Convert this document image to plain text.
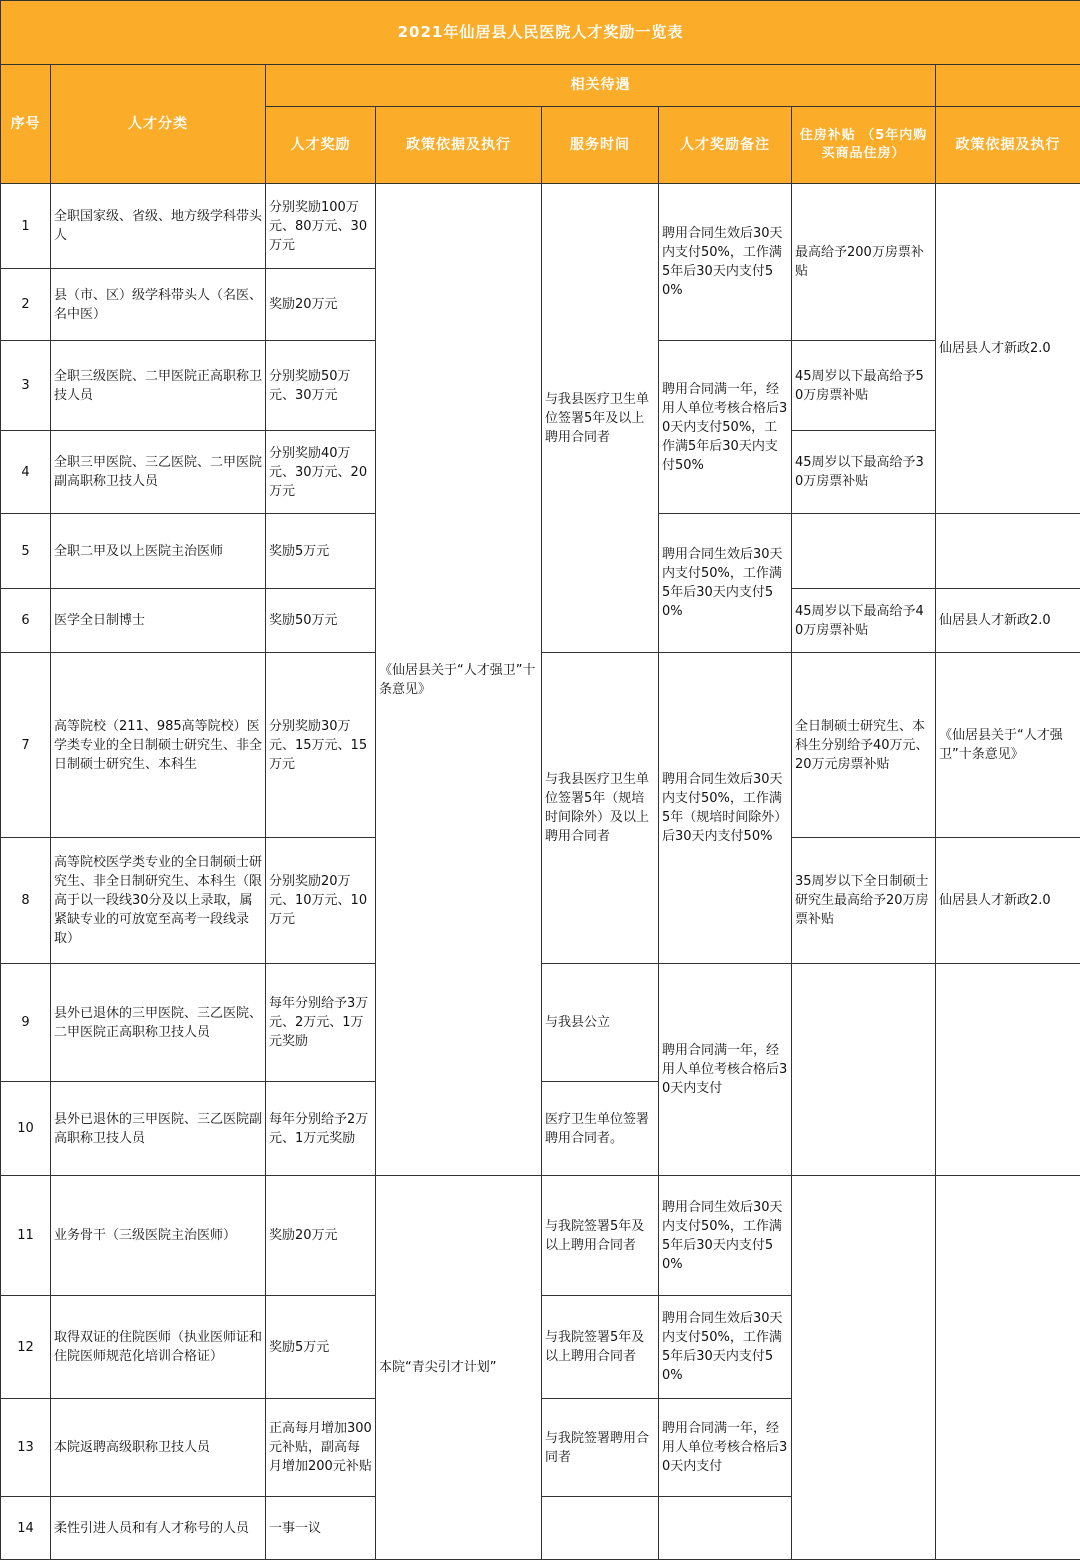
2021年仙居县人民医院人才奖励一览表							
序号	人才分类	相关待遇					
		人才奖励	政策依据及执行	服务时间	人才奖励备注	住房补贴 （5年内购买商品住房）	政策依据及执行
1	全职国家级、省级、地方级学科带头人	分别奖励100万元、80万元、30万元	《仙居县关于“人才强卫”十条意见》	与我县医疗卫生单位签署5年及以上聘用合同者	聘用合同生效后30天内支付50%，工作满5年后30天内支付50%	最高给予200万房票补贴	仙居县人才新政2.0
2	县（市、区）级学科带头人（名医、名中医）	奖励20万元					
3	全职三级医院、二甲医院正高职称卫技人员	分别奖励50万元、30万元			聘用合同满一年，经用人单位考核合格后30天内支付50%，工作满5年后30天内支付50%	45周岁以下最高给予50万房票补贴	
4	全职三甲医院、三乙医院、二甲医院副高职称卫技人员	分别奖励40万元、30万元、20万元				45周岁以下最高给予30万房票补贴	
5	全职二甲及以上医院主治医师	奖励5万元			聘用合同生效后30天内支付50%，工作满5年后30天内支付50%		
6	医学全日制博士	奖励50万元				45周岁以下最高给予40万房票补贴	仙居县人才新政2.0
7	高等院校（211、985高等院校）医学类专业的全日制硕士研究生、非全日制硕士研究生、本科生	分别奖励30万元、15万元、15万元		与我县医疗卫生单位签署5年（规培时间除外）及以上聘用合同者	聘用合同生效后30天内支付50%，工作满5年（规培时间除外）后30天内支付50%	全日制硕士研究生、本科生分别给予40万元、20万元房票补贴	《仙居县关于“人才强卫”十条意见》
8	高等院校医学类专业的全日制硕士研究生、非全日制研究生、本科生（限高于以一段线30分及以上录取，属紧缺专业的可放宽至高考一段线录取）	分别奖励20万元、10万元、10万元				35周岁以下全日制硕士研究生最高给予20万房票补贴	仙居县人才新政2.0
9	县外已退休的三甲医院、三乙医院、二甲医院正高职称卫技人员	每年分别给予3万元、2万元、1万元奖励		与我县公立	聘用合同满一年，经用人单位考核合格后30天内支付		
10	县外已退休的三甲医院、三乙医院副高职称卫技人员	每年分别给予2万元、1万元奖励		医疗卫生单位签署聘用合同者。			
11	业务骨干（三级医院主治医师）	奖励20万元	本院“青尖引才计划”	与我院签署5年及以上聘用合同者	聘用合同生效后30天内支付50%，工作满5年后30天内支付50%		
12	取得双证的住院医师（执业医师证和住院医师规范化培训合格证）	奖励5万元		与我院签署5年及以上聘用合同者	聘用合同生效后30天内支付50%，工作满5年后30天内支付50%		
13	本院返聘高级职称卫技人员	正高每月增加300元补贴，副高每月增加200元补贴		与我院签署聘用合同者	聘用合同满一年，经用人单位考核合格后30天内支付		
14	柔性引进人员和有人才称号的人员	一事一议					
